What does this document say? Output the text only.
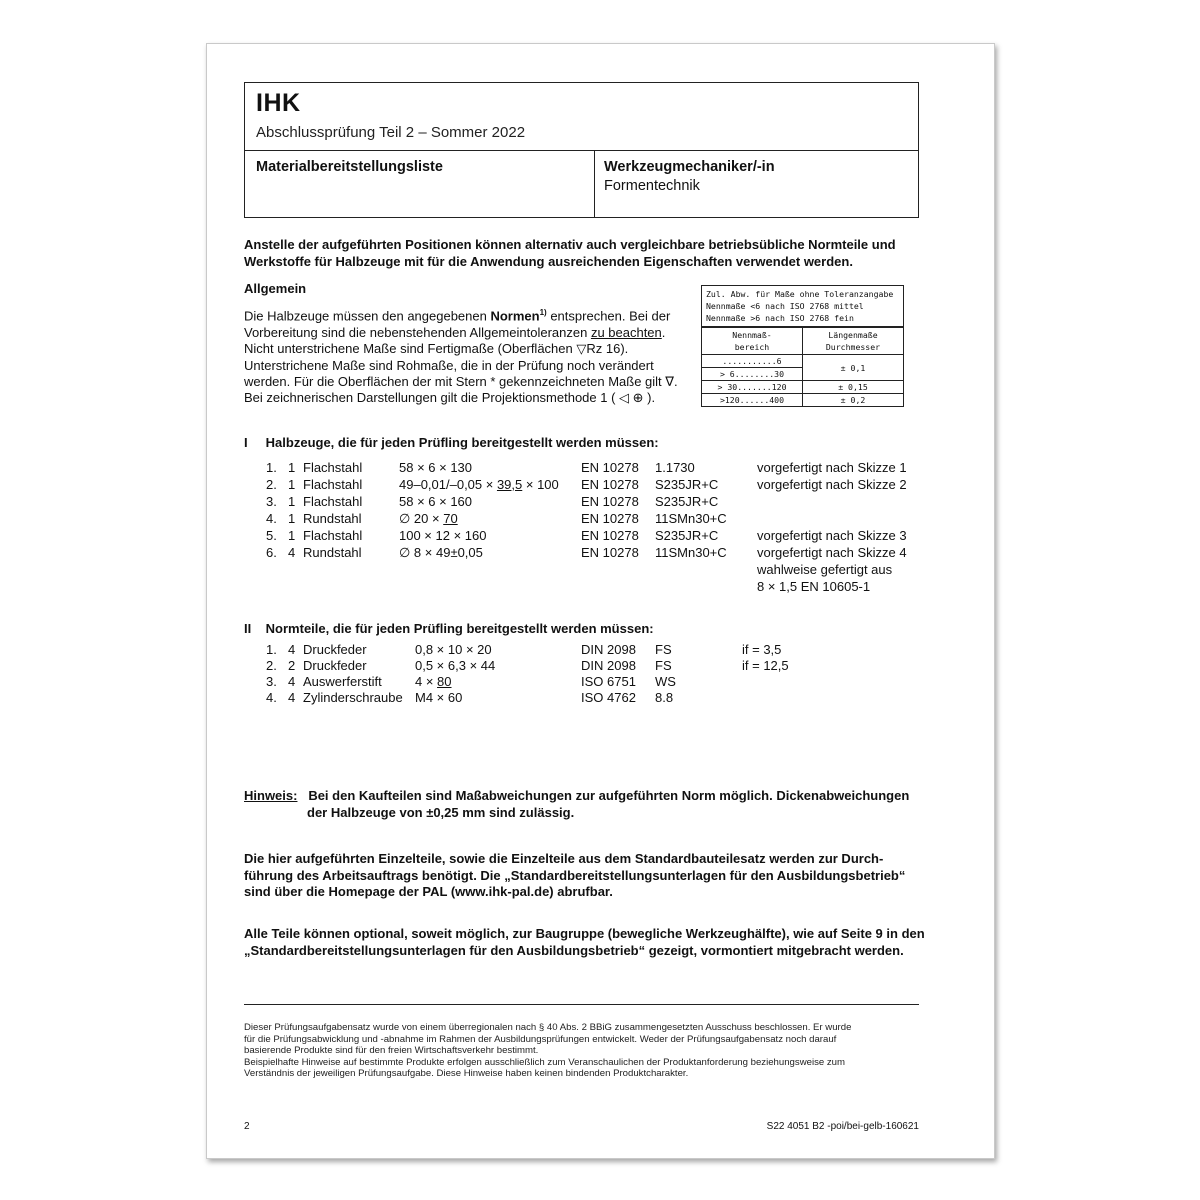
IHK
Abschlussprüfung Teil 2 – Sommer 2022
Materialbereitstellungsliste	Werkzeugmechaniker/-in
Formentechnik
Anstelle der aufgeführten Positionen können alternativ auch vergleichbare betriebsübliche Normteile und Werkstoffe für Halbzeuge mit für die Anwendung ausreichenden Eigenschaften verwendet werden.
Allgemein
Die Halbzeuge müssen den angegebenen Normen$^{1)}$ entsprechen. Bei der
Vorbereitung sind die nebenstehenden Allgemeintoleranzen zu beachten.
Nicht unterstrichene Maße sind Fertigmaße (Oberflächen ▽Rz 16).
Unterstrichene Maße sind Rohmaße, die in der Prüfung noch verändert
werden. Für die Oberflächen der mit Stern * gekennzeichneten Maße gilt ∇.
Bei zeichnerischen Darstellungen gilt die Projektionsmethode 1 ( ◁ ⊕ ).
Zul. Abw. für Maße ohne Toleranzangabe
Nennmaße <6 nach ISO 2768 mittel
Nennmaße >6 nach ISO 2768 fein
Nennmaß-
bereich	Längenmaße
Durchmesser
...........6	± 0,1
> 6........30	
> 30.......120	± 0,15
>120......400	± 0,2
I     Halbzeuge, die für jeden Prüfling bereitgestellt werden müssen:
1. 1 Flachstahl	58 × 6 × 130	EN 10278 1.1730	vorgefertigt nach Skizze 1
2. 1 Flachstahl	49–0,01/–0,05 × 39,5 × 100 EN 10278 S235JR+C	vorgefertigt nach Skizze 2
3. 1 Flachstahl	58 × 6 × 160	EN 10278 S235JR+C
4. 1 Rundstahl	∅ 20 × 70	EN 10278 11SMn30+C
5. 1 Flachstahl	100 × 12 × 160	EN 10278 S235JR+C	vorgefertigt nach Skizze 3
6. 4 Rundstahl	∅ 8 × 49±0,05	EN 10278 11SMn30+C vorgefertigt nach Skizze 4
wahlweise gefertigt aus
8 × 1,5 EN 10605-1
II    Normteile, die für jeden Prüfling bereitgestellt werden müssen:
1. 4 Druckfeder	0,8 × 10 × 20	DIN 2098 FS	if = 3,5
2. 2 Druckfeder	0,5 × 6,3 × 44	DIN 2098 FS	if = 12,5
3. 4 Auswerferstift	4 × 80	ISO 6751 WS
4. 4 Zylinderschraube M4 × 60	ISO 4762 8.8
Hinweis: Bei den Kaufteilen sind Maßabweichungen zur aufgeführten Norm möglich. Dickenabweichungen
der Halbzeuge von ±0,25 mm sind zulässig.
Die hier aufgeführten Einzelteile, sowie die Einzelteile aus dem Standardbauteilesatz werden zur Durch-
führung des Arbeitsauftrags benötigt. Die „Standardbereitstellungsunterlagen für den Ausbildungsbetrieb“
sind über die Homepage der PAL (www.ihk-pal.de) abrufbar.
Alle Teile können optional, soweit möglich, zur Baugruppe (bewegliche Werkzeughälfte), wie auf Seite 9 in den
„Standardbereitstellungsunterlagen für den Ausbildungsbetrieb“ gezeigt, vormontiert mitgebracht werden.
Dieser Prüfungsaufgabensatz wurde von einem überregionalen nach § 40 Abs. 2 BBiG zusammengesetzten Ausschuss beschlossen. Er wurde
für die Prüfungsabwicklung und -abnahme im Rahmen der Ausbildungsprüfungen entwickelt. Weder der Prüfungsaufgabensatz noch darauf
basierende Produkte sind für den freien Wirtschaftsverkehr bestimmt.
Beispielhafte Hinweise auf bestimmte Produkte erfolgen ausschließlich zum Veranschaulichen der Produktanforderung beziehungsweise zum
Verständnis der jeweiligen Prüfungsaufgabe. Diese Hinweise haben keinen bindenden Produktcharakter.
2	S22 4051 B2 -poi/bei-gelb-160621
